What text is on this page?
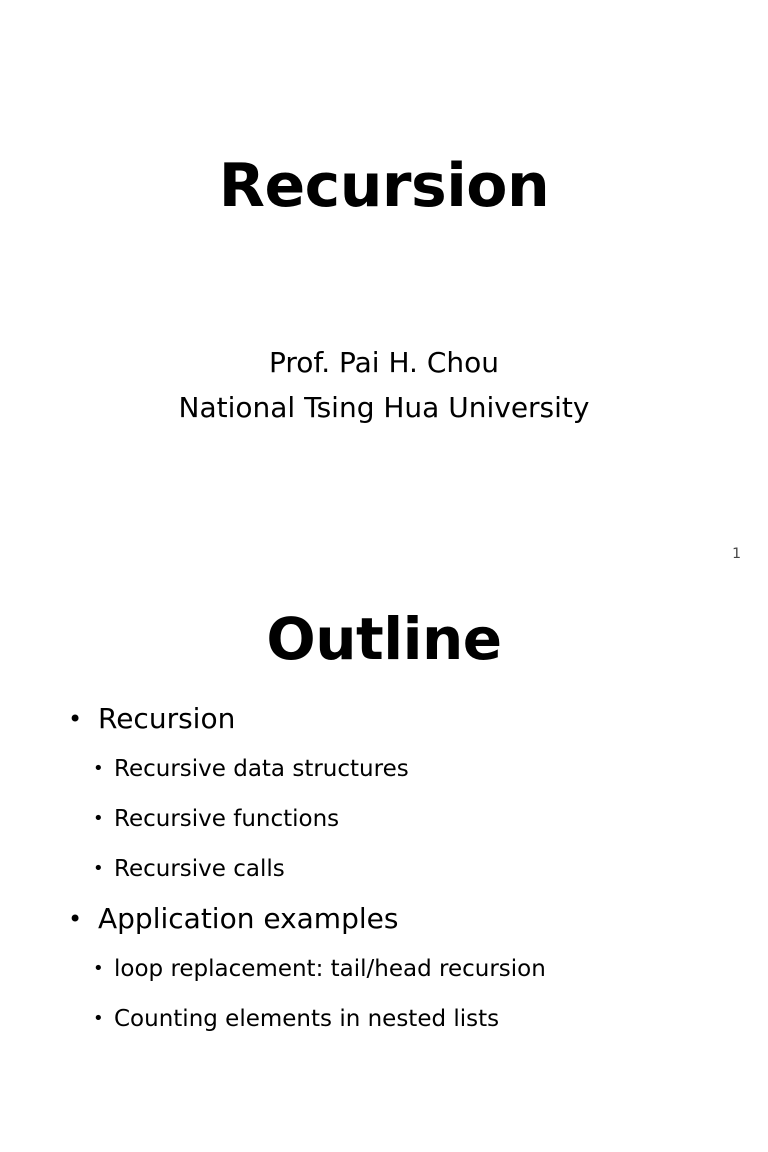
Recursion
Prof. Pai H. Chou
National Tsing Hua University
1
Outline
• Recursion
• Recursive data structures
• Recursive functions
• Recursive calls
• Application examples
• loop replacement: tail/head recursion
• Counting elements in nested lists
